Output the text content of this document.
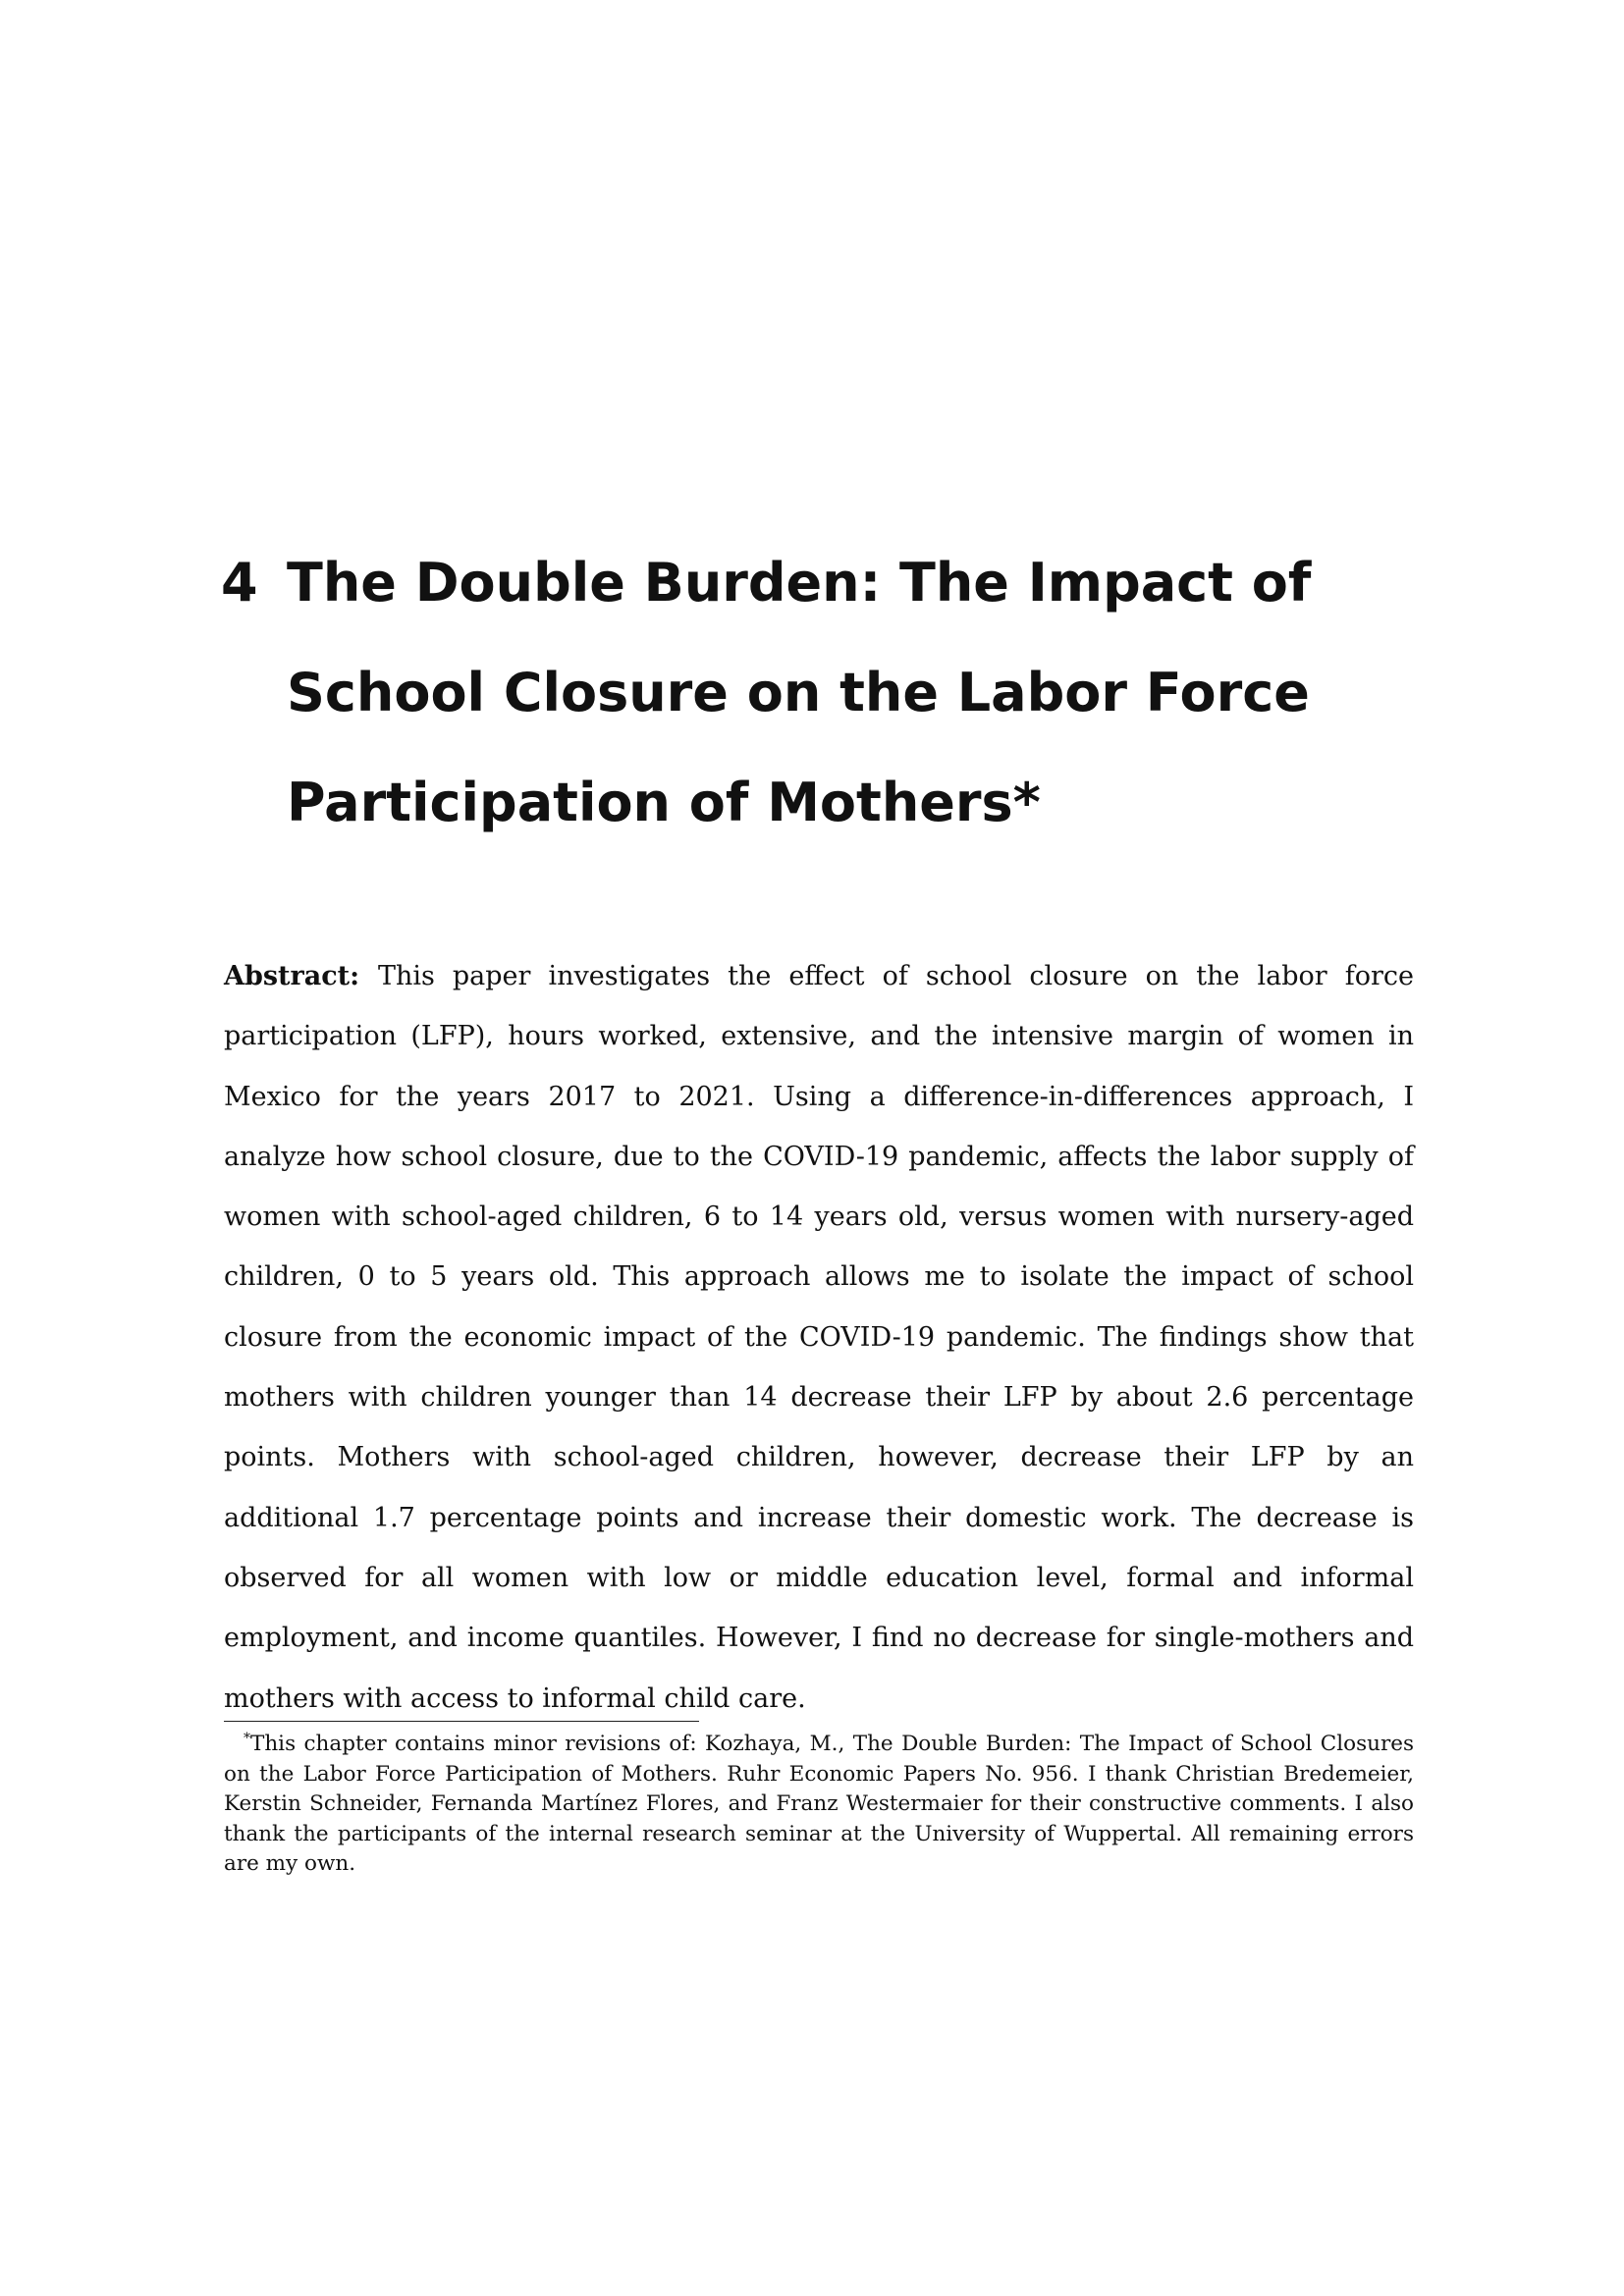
4 The Double Burden: The Impact of School Closure on the Labor Force Participation of Mothers*

Abstract: This paper investigates the effect of school closure on the labor force participation (LFP), hours worked, extensive, and the intensive margin of women in Mexico for the years 2017 to 2021. Using a difference-in-differences approach, I analyze how school closure, due to the COVID-19 pandemic, affects the labor supply of women with school-aged children, 6 to 14 years old, versus women with nursery-aged children, 0 to 5 years old. This approach allows me to isolate the impact of school closure from the economic impact of the COVID-19 pandemic. The findings show that mothers with children younger than 14 decrease their LFP by about 2.6 percentage points. Mothers with school-aged children, however, decrease their LFP by an additional 1.7 percentage points and increase their domestic work. The decrease is observed for all women with low or middle education level, formal and informal employment, and income quantiles. However, I find no decrease for single-mothers and mothers with access to informal child care.

*This chapter contains minor revisions of: Kozhaya, M., The Double Burden: The Impact of School Closures on the Labor Force Participation of Mothers. Ruhr Economic Papers No. 956. I thank Christian Bredemeier, Kerstin Schneider, Fernanda Martínez Flores, and Franz Westermaier for their constructive comments. I also thank the participants of the internal research seminar at the University of Wuppertal. All remaining errors are my own.
